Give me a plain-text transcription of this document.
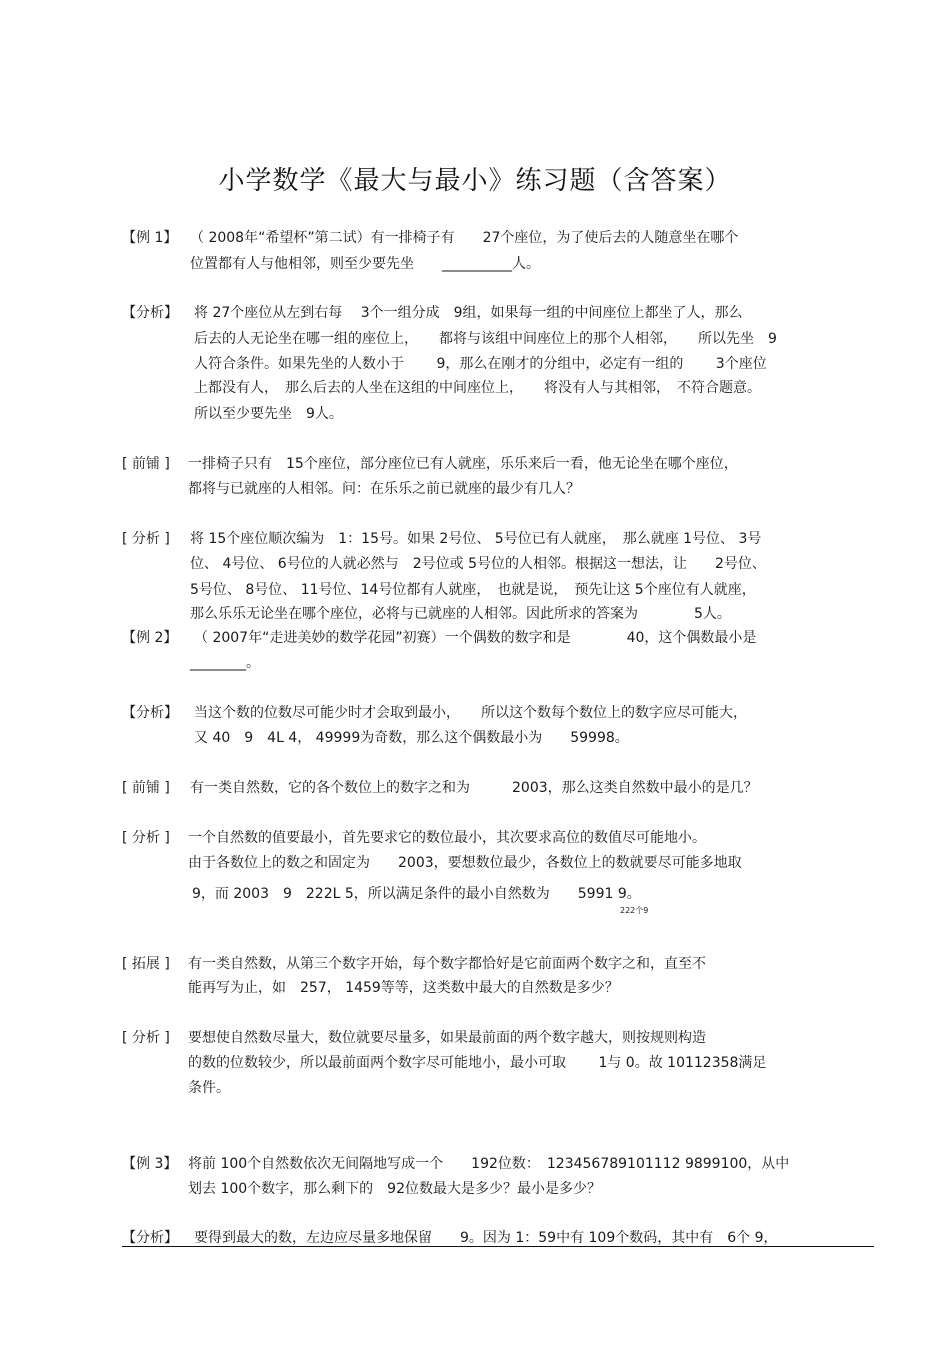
小学数学《最大与最小》练习题（含答案）
【例 1】 （ 2008年“希望杯”第二试）有一排椅子有　　27个座位，为了使后去的人随意坐在哪个
位置都有人与他相邻，则至少要先坐　　__________人。
【分析】 将 27个座位从左到右每　 3个一组分成　9组，如果每一组的中间座位上都坐了人，那么
后去的人无论坐在哪一组的座位上，　　都将与该组中间座位上的那个人相邻，　　所以先坐　9
人符合条件。如果先坐的人数小于　　 9，那么在刚才的分组中，必定有一组的　　 3个座位
上都没有人，　那么后去的人坐在这组的中间座位上，　　将没有人与其相邻，　不符合题意。
所以至少要先坐　9人。
[ 前铺 ] 一排椅子只有　15个座位，部分座位已有人就座，乐乐来后一看，他无论坐在哪个座位，
都将与已就座的人相邻。问：在乐乐之前已就座的最少有几人？
[ 分析 ] 将 15个座位顺次编为　1：15号。如果 2号位、 5号位已有人就座，　那么就座 1号位、 3号
位、 4号位、 6号位的人就必然与　2号位或 5号位的人相邻。根据这一想法，让　　2号位、
5号位、 8号位、 11号位、14号位都有人就座，　也就是说，　预先让这 5个座位有人就座，
那么乐乐无论坐在哪个座位，必将与已就座的人相邻。因此所求的答案为　　　　5人。
【例 2】 （ 2007年“走进美妙的数学花园”初赛）一个偶数的数字和是　　　　40，这个偶数最小是
________。
【分析】 当这个数的位数尽可能少时才会取到最小，　　所以这个数每个数位上的数字应尽可能大，
又 40　9　4L 4， 49999为奇数，那么这个偶数最小为　　59998。
[ 前铺 ] 有一类自然数，它的各个数位上的数字之和为　　　2003，那么这类自然数中最小的是几？
[ 分析 ] 一个自然数的值要最小，首先要求它的数位最小，其次要求高位的数值尽可能地小。
由于各数位上的数之和固定为　　2003，要想数位最少，各数位上的数就要尽可能多地取
9，而 2003　9　222L 5，所以满足条件的最小自然数为　　5991 9。
222个9
[ 拓展 ] 有一类自然数，从第三个数字开始，每个数字都恰好是它前面两个数字之和，直至不
能再写为止，如　257， 1459等等，这类数中最大的自然数是多少？
[ 分析 ] 要想使自然数尽量大，数位就要尽量多，如果最前面的两个数字越大，则按规则构造
的数的位数较少，所以最前面两个数字尽可能地小，最小可取　　 1与 0。故 10112358满足
条件。
【例 3】 将前 100个自然数依次无间隔地写成一个　　192位数：　123456789101112 9899100，从中
划去 100个数字，那么剩下的　92位数最大是多少？最小是多少？
【分析】 要得到最大的数，左边应尽量多地保留　　9。因为 1：59中有 109个数码，其中有　6个 9，
